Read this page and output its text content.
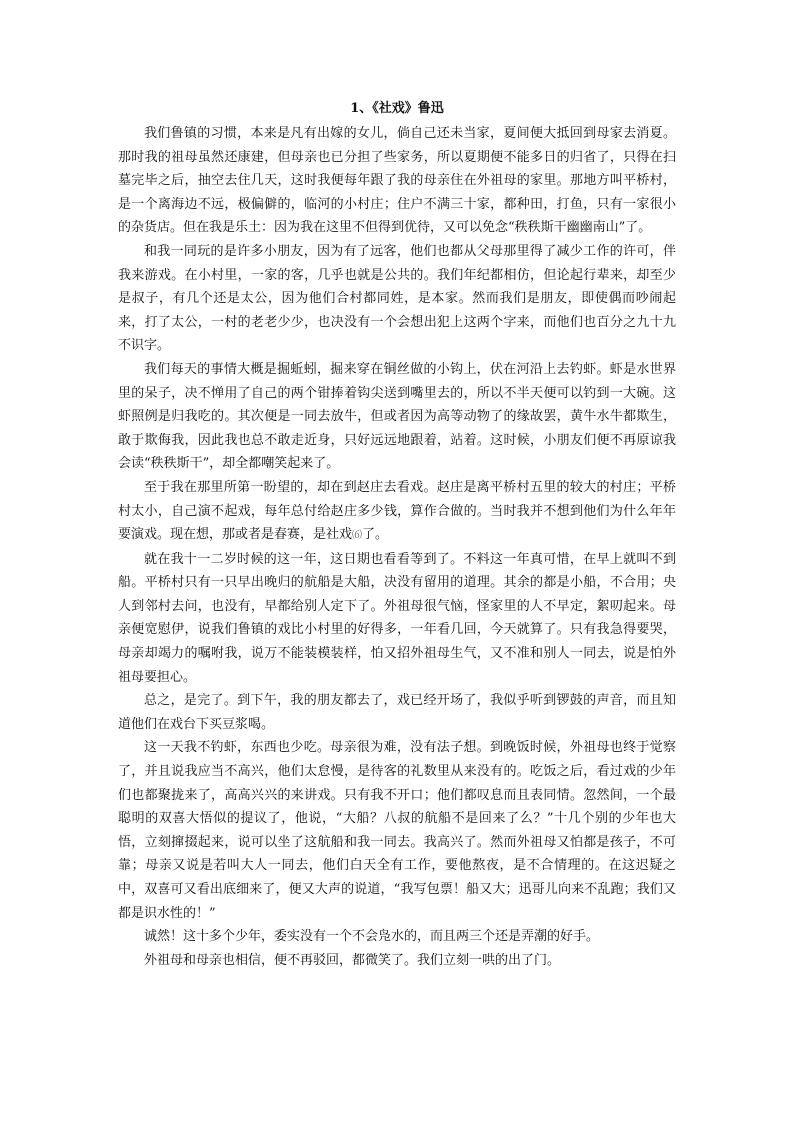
1、《社戏》鲁迅

我们鲁镇的习惯，本来是凡有出嫁的女儿，倘自己还未当家，夏间便大抵回到母家去消夏。那时我的祖母虽然还康建，但母亲也已分担了些家务，所以夏期便不能多日的归省了，只得在扫墓完毕之后，抽空去住几天，这时我便每年跟了我的母亲住在外祖母的家里。那地方叫平桥村，是一个离海边不远，极偏僻的，临河的小村庄；住户不满三十家，都种田，打鱼，只有一家很小的杂货店。但在我是乐土：因为我在这里不但得到优待，又可以免念“秩秩斯干幽幽南山”了。

和我一同玩的是许多小朋友，因为有了远客，他们也都从父母那里得了减少工作的许可，伴我来游戏。在小村里，一家的客，几乎也就是公共的。我们年纪都相仿，但论起行辈来，却至少是叔子，有几个还是太公，因为他们合村都同姓，是本家。然而我们是朋友，即使偶而吵闹起来，打了太公，一村的老老少少，也决没有一个会想出犯上这两个字来，而他们也百分之九十九不识字。

我们每天的事情大概是掘蚯蚓，掘来穿在铜丝做的小钩上，伏在河沿上去钓虾。虾是水世界里的呆子，决不惮用了自己的两个钳捧着钩尖送到嘴里去的，所以不半天便可以钓到一大碗。这虾照例是归我吃的。其次便是一同去放牛，但或者因为高等动物了的缘故罢，黄牛水牛都欺生，敢于欺侮我，因此我也总不敢走近身，只好远远地跟着，站着。这时候，小朋友们便不再原谅我会读“秩秩斯干”，却全都嘲笑起来了。

至于我在那里所第一盼望的，却在到赵庄去看戏。赵庄是离平桥村五里的较大的村庄；平桥村太小，自己演不起戏，每年总付给赵庄多少钱，算作合做的。当时我并不想到他们为什么年年要演戏。现在想，那或者是春赛，是社戏⑹了。

就在我十一二岁时候的这一年，这日期也看看等到了。不料这一年真可惜，在早上就叫不到船。平桥村只有一只早出晚归的航船是大船，决没有留用的道理。其余的都是小船，不合用；央人到邻村去问，也没有，早都给别人定下了。外祖母很气恼，怪家里的人不早定，絮叨起来。母亲便宽慰伊，说我们鲁镇的戏比小村里的好得多，一年看几回，今天就算了。只有我急得要哭，母亲却竭力的嘱咐我，说万不能装模装样，怕又招外祖母生气，又不准和别人一同去，说是怕外祖母要担心。

总之，是完了。到下午，我的朋友都去了，戏已经开场了，我似乎听到锣鼓的声音，而且知道他们在戏台下买豆浆喝。

这一天我不钓虾，东西也少吃。母亲很为难，没有法子想。到晚饭时候，外祖母也终于觉察了，并且说我应当不高兴，他们太怠慢，是待客的礼数里从来没有的。吃饭之后，看过戏的少年们也都聚拢来了，高高兴兴的来讲戏。只有我不开口；他们都叹息而且表同情。忽然间，一个最聪明的双喜大悟似的提议了，他说，“大船？八叔的航船不是回来了么？”十几个别的少年也大悟，立刻撺掇起来，说可以坐了这航船和我一同去。我高兴了。然而外祖母又怕都是孩子，不可靠；母亲又说是若叫大人一同去，他们白天全有工作，要他熬夜，是不合情理的。在这迟疑之中，双喜可又看出底细来了，便又大声的说道，“我写包票！船又大；迅哥儿向来不乱跑；我们又都是识水性的！”

诚然！这十多个少年，委实没有一个不会凫水的，而且两三个还是弄潮的好手。

外祖母和母亲也相信，便不再驳回，都微笑了。我们立刻一哄的出了门。
